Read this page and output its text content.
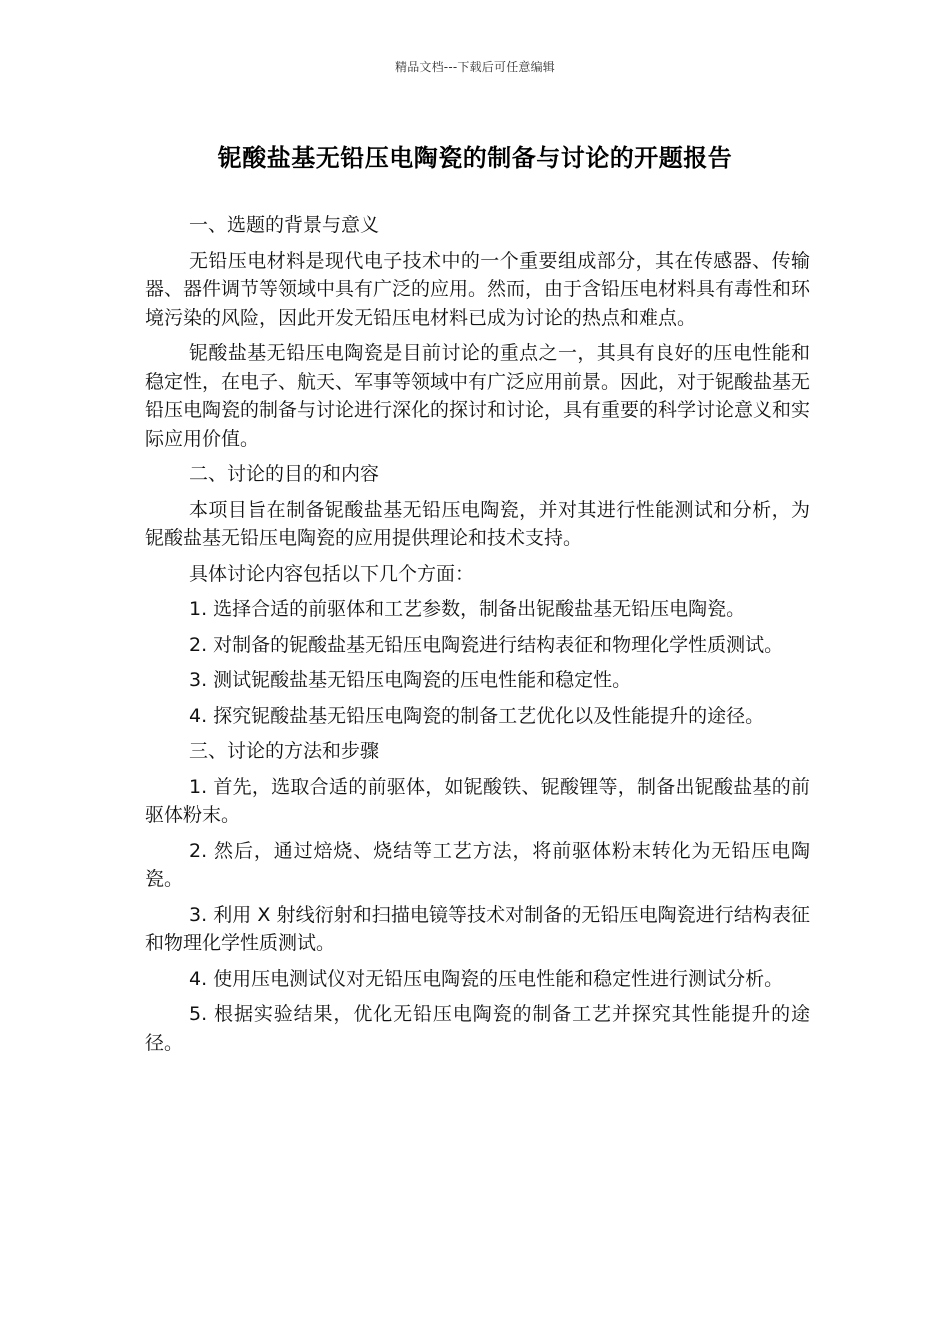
精品文档---下载后可任意编辑
铌酸盐基无铅压电陶瓷的制备与讨论的开题报告

一、选题的背景与意义

无铅压电材料是现代电子技术中的一个重要组成部分，其在传感器、传输器、器件调节等领域中具有广泛的应用。然而，由于含铅压电材料具有毒性和环境污染的风险，因此开发无铅压电材料已成为讨论的热点和难点。

铌酸盐基无铅压电陶瓷是目前讨论的重点之一，其具有良好的压电性能和稳定性，在电子、航天、军事等领域中有广泛应用前景。因此，对于铌酸盐基无铅压电陶瓷的制备与讨论进行深化的探讨和讨论，具有重要的科学讨论意义和实际应用价值。

二、讨论的目的和内容

本项目旨在制备铌酸盐基无铅压电陶瓷，并对其进行性能测试和分析，为铌酸盐基无铅压电陶瓷的应用提供理论和技术支持。

具体讨论内容包括以下几个方面：

1. 选择合适的前驱体和工艺参数，制备出铌酸盐基无铅压电陶瓷。

2. 对制备的铌酸盐基无铅压电陶瓷进行结构表征和物理化学性质测试。

3. 测试铌酸盐基无铅压电陶瓷的压电性能和稳定性。

4. 探究铌酸盐基无铅压电陶瓷的制备工艺优化以及性能提升的途径。

三、讨论的方法和步骤

1. 首先，选取合适的前驱体，如铌酸铁、铌酸锂等，制备出铌酸盐基的前驱体粉末。

2. 然后，通过焙烧、烧结等工艺方法，将前驱体粉末转化为无铅压电陶瓷。

3. 利用 X 射线衍射和扫描电镜等技术对制备的无铅压电陶瓷进行结构表征和物理化学性质测试。

4. 使用压电测试仪对无铅压电陶瓷的压电性能和稳定性进行测试分析。

5. 根据实验结果，优化无铅压电陶瓷的制备工艺并探究其性能提升的途径。
